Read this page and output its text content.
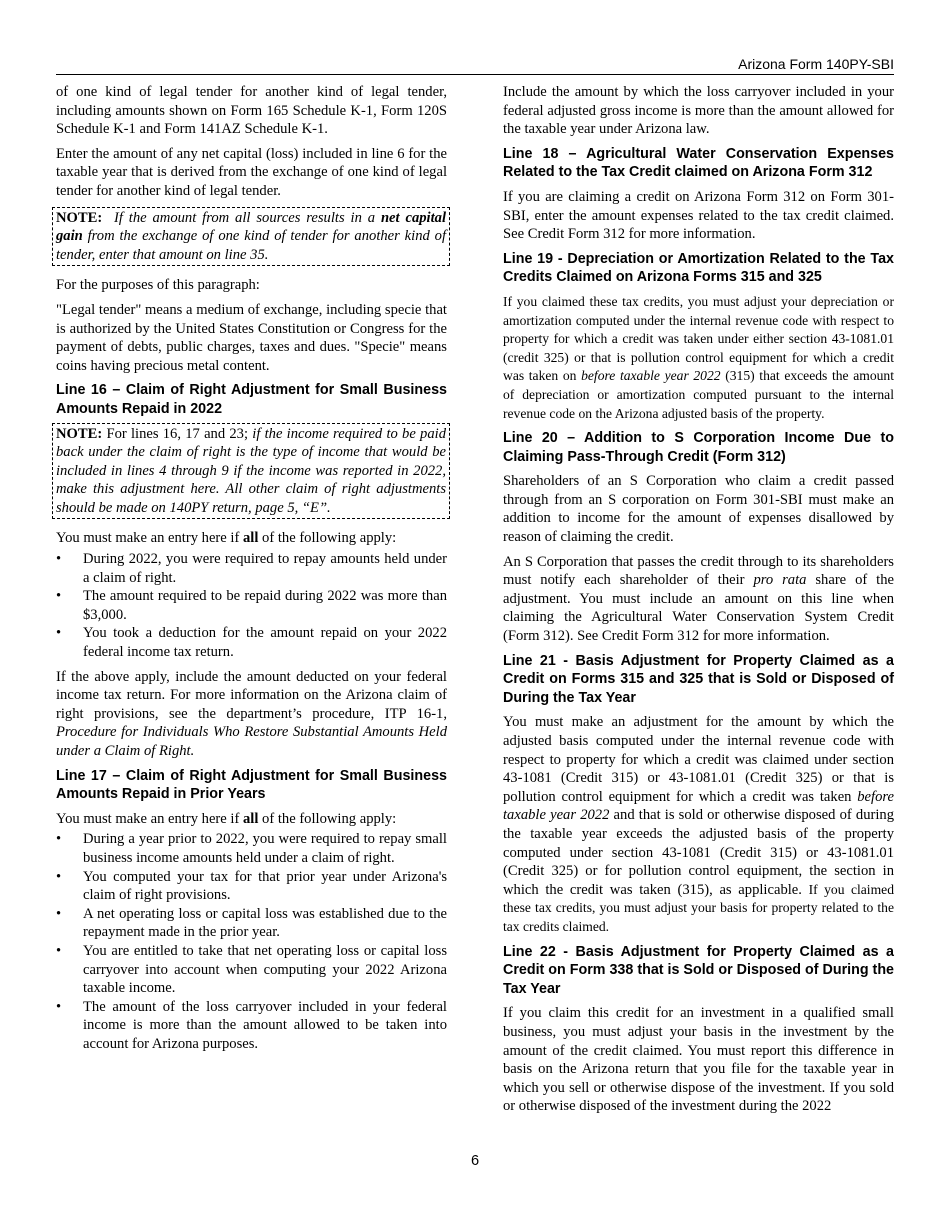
Arizona Form 140PY-SBI

of one kind of legal tender for another kind of legal tender, including amounts shown on Form 165 Schedule K-1, Form 120S Schedule K-1 and Form 141AZ Schedule K-1.

Enter the amount of any net capital (loss) included in line 6 for the taxable year that is derived from the exchange of one kind of legal tender for another kind of legal tender.

NOTE: If the amount from all sources results in a net capital gain from the exchange of one kind of tender for another kind of tender, enter that amount on line 35.

For the purposes of this paragraph:

"Legal tender" means a medium of exchange, including specie that is authorized by the United States Constitution or Congress for the payment of debts, public charges, taxes and dues. "Specie" means coins having precious metal content.

Line 16 – Claim of Right Adjustment for Small Business Amounts Repaid in 2022
NOTE: For lines 16, 17 and 23; if the income required to be paid back under the claim of right is the type of income that would be included in lines 4 through 9 if the income was reported in 2022, make this adjustment here. All other claim of right adjustments should be made on 140PY return, page 5, “E”.

You must make an entry here if all of the following apply:

• During 2022, you were required to repay amounts held under a claim of right.
• The amount required to be repaid during 2022 was more than $3,000.
• You took a deduction for the amount repaid on your 2022 federal income tax return.

If the above apply, include the amount deducted on your federal income tax return. For more information on the Arizona claim of right provisions, see the department’s procedure, ITP 16-1, Procedure for Individuals Who Restore Substantial Amounts Held under a Claim of Right.

Line 17 – Claim of Right Adjustment for Small Business Amounts Repaid in Prior Years

You must make an entry here if all of the following apply:

• During a year prior to 2022, you were required to repay small business income amounts held under a claim of right.
• You computed your tax for that prior year under Arizona's claim of right provisions.
• A net operating loss or capital loss was established due to the repayment made in the prior year.
• You are entitled to take that net operating loss or capital loss carryover into account when computing your 2022 Arizona taxable income.
• The amount of the loss carryover included in your federal income is more than the amount allowed to be taken into account for Arizona purposes.

Include the amount by which the loss carryover included in your federal adjusted gross income is more than the amount allowed for the taxable year under Arizona law.

Line 18 – Agricultural Water Conservation Expenses Related to the Tax Credit claimed on Arizona Form 312

If you are claiming a credit on Arizona Form 312 on Form 301-SBI, enter the amount expenses related to the tax credit claimed. See Credit Form 312 for more information.

Line 19 - Depreciation or Amortization Related to the Tax Credits Claimed on Arizona Forms 315 and 325

If you claimed these tax credits, you must adjust your depreciation or amortization computed under the internal revenue code with respect to property for which a credit was taken under either section 43-1081.01 (credit 325) or that is pollution control equipment for which a credit was taken on before taxable year 2022 (315) that exceeds the amount of depreciation or amortization computed pursuant to the internal revenue code on the Arizona adjusted basis of the property.

Line 20 – Addition to S Corporation Income Due to Claiming Pass-Through Credit (Form 312)

Shareholders of an S Corporation who claim a credit passed through from an S corporation on Form 301-SBI must make an addition to income for the amount of expenses disallowed by reason of claiming the credit.

An S Corporation that passes the credit through to its shareholders must notify each shareholder of their pro rata share of the adjustment. You must include an amount on this line when claiming the Agricultural Water Conservation System Credit (Form 312). See Credit Form 312 for more information.

Line 21 - Basis Adjustment for Property Claimed as a Credit on Forms 315 and 325 that is Sold or Disposed of During the Tax Year

You must make an adjustment for the amount by which the adjusted basis computed under the internal revenue code with respect to property for which a credit was claimed under section 43-1081 (Credit 315) or 43-1081.01 (Credit 325) or that is pollution control equipment for which a credit was taken before taxable year 2022 and that is sold or otherwise disposed of during the taxable year exceeds the adjusted basis of the property computed under section 43-1081 (Credit 315) or 43-1081.01 (Credit 325) or for pollution control equipment, the section in which the credit was taken (315), as applicable. If you claimed these tax credits, you must adjust your basis for property related to the tax credits claimed.

Line 22 - Basis Adjustment for Property Claimed as a Credit on Form 338 that is Sold or Disposed of During the Tax Year

If you claim this credit for an investment in a qualified small business, you must adjust your basis in the investment by the amount of the credit claimed. You must report this difference in basis on the Arizona return that you file for the taxable year in which you sell or otherwise dispose of the investment. If you sold or otherwise disposed of the investment during the 2022

6
